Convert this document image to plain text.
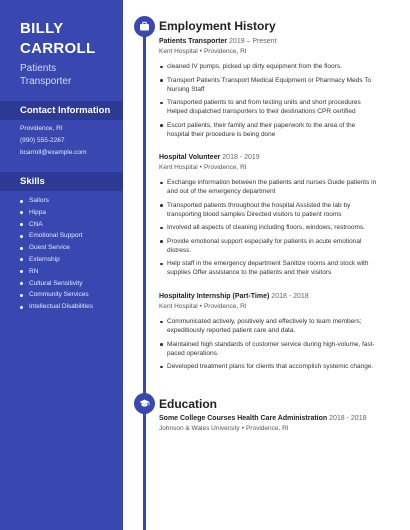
BILLY
CARROLL
Patients
Transporter
Contact Information
Providence, RI
(990) 555-2267
bcarroll@example.com
Skills
Sailors
Hippa
CNA
Emotional Support
Guest Service
Externship
RN
Cultural Sensitivity
Community Services
Intellectual Disabilities
Employment History
Patients Transporter 2019 – Present
Kent Hospital • Providence, RI
cleaned IV pumps, picked up dirty equipment from the floors.
Transport Patients Transport Medical Equipment or Pharmacy Meds To Nursing Staff
Transported patients to and from testing units and short procedures Helped dispatched transporters to their destinations CPR certified
Escort patients, their family and their paperwork to the area of the hospital their procedure is being done
Hospital Volunteer 2018 - 2019
Kent Hospital • Providence, RI
Exchange information between the patients and nurses Guide patients in and out of the emergency department
Transported patients throughout the hospital Assisted the lab by transporting blood samples Directed visitors to patient rooms
Involved all aspects of cleaning including floors, windows, restrooms.
Provide emotional support especially for patients in acute emotional distress.
Help staff in the emergency department Sanitize rooms and stock with supplies Offer assistance to the patients and their visitors
Hospitality Internship (Part-Time) 2018 - 2018
Kent Hospital • Providence, RI
Communicated actively, positively and effectively to team members; expeditiously reported patient care and data.
Maintained high standards of customer service during high-volume, fast-paced operations.
Developed treatment plans for clients that accomplish systemic change.
Education
Some College Courses Health Care Administration 2018 - 2018
Johnson & Wales University • Providence, RI
